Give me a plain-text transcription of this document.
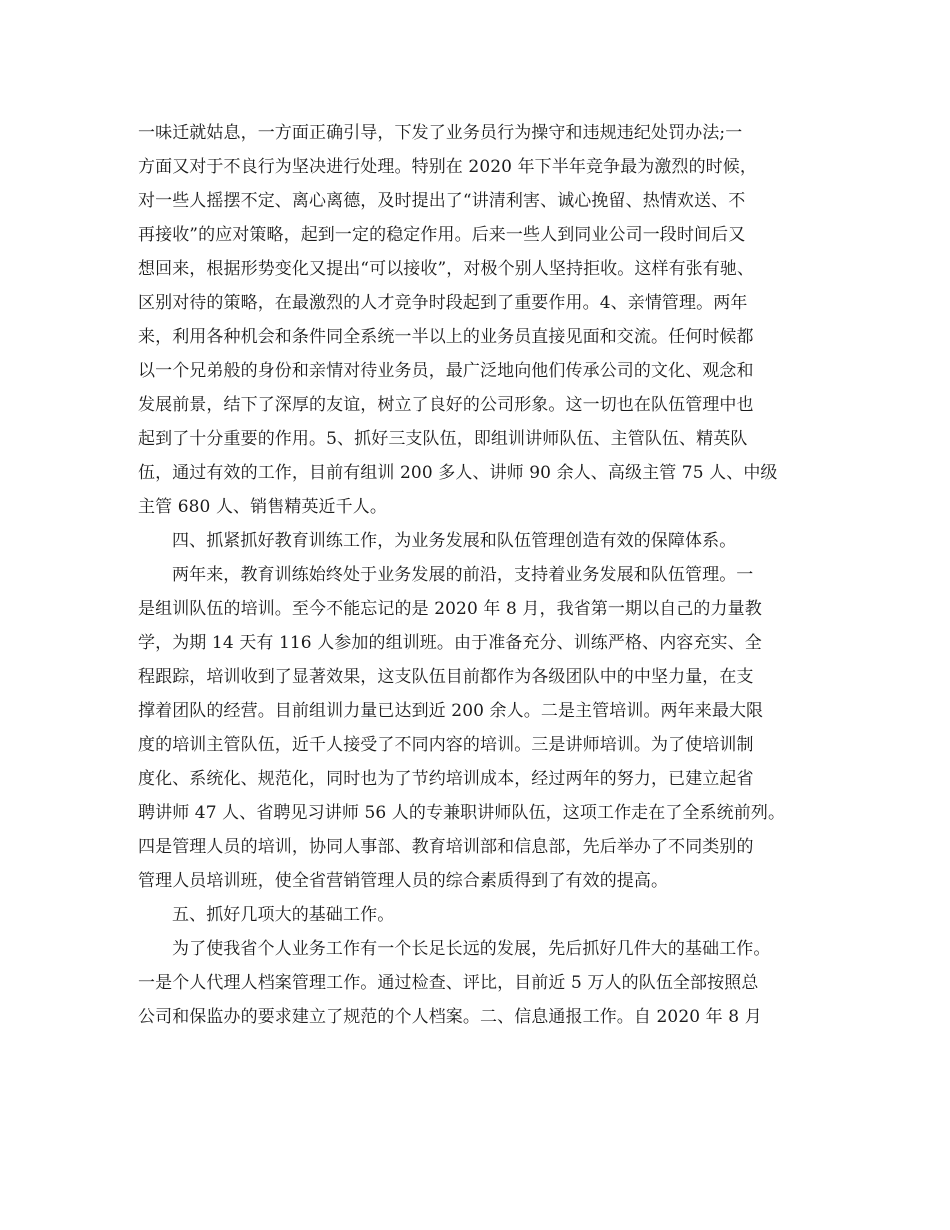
一味迁就姑息，一方面正确引导，下发了业务员行为操守和违规违纪处罚办法;一
方面又对于不良行为坚决进行处理。特别在 2020 年下半年竞争最为激烈的时候，
对一些人摇摆不定、离心离德，及时提出了“讲清利害、诚心挽留、热情欢送、不
再接收”的应对策略，起到一定的稳定作用。后来一些人到同业公司一段时间后又
想回来，根据形势变化又提出“可以接收”，对极个别人坚持拒收。这样有张有驰、
区别对待的策略，在最激烈的人才竞争时段起到了重要作用。4、亲情管理。两年
来，利用各种机会和条件同全系统一半以上的业务员直接见面和交流。任何时候都
以一个兄弟般的身份和亲情对待业务员，最广泛地向他们传承公司的文化、观念和
发展前景，结下了深厚的友谊，树立了良好的公司形象。这一切也在队伍管理中也
起到了十分重要的作用。5、抓好三支队伍，即组训讲师队伍、主管队伍、精英队
伍，通过有效的工作，目前有组训 200 多人、讲师 90 余人、高级主管 75 人、中级
主管 680 人、销售精英近千人。
四、抓紧抓好教育训练工作，为业务发展和队伍管理创造有效的保障体系。
两年来，教育训练始终处于业务发展的前沿，支持着业务发展和队伍管理。一
是组训队伍的培训。至今不能忘记的是 2020 年 8 月，我省第一期以自己的力量教
学，为期 14 天有 116 人参加的组训班。由于准备充分、训练严格、内容充实、全
程跟踪，培训收到了显著效果，这支队伍目前都作为各级团队中的中坚力量，在支
撑着团队的经营。目前组训力量已达到近 200 余人。二是主管培训。两年来最大限
度的培训主管队伍，近千人接受了不同内容的培训。三是讲师培训。为了使培训制
度化、系统化、规范化，同时也为了节约培训成本，经过两年的努力，已建立起省
聘讲师 47 人、省聘见习讲师 56 人的专兼职讲师队伍，这项工作走在了全系统前列。
四是管理人员的培训，协同人事部、教育培训部和信息部，先后举办了不同类别的
管理人员培训班，使全省营销管理人员的综合素质得到了有效的提高。
五、抓好几项大的基础工作。
为了使我省个人业务工作有一个长足长远的发展，先后抓好几件大的基础工作。
一是个人代理人档案管理工作。通过检查、评比，目前近 5 万人的队伍全部按照总
公司和保监办的要求建立了规范的个人档案。二、信息通报工作。自 2020 年 8 月
